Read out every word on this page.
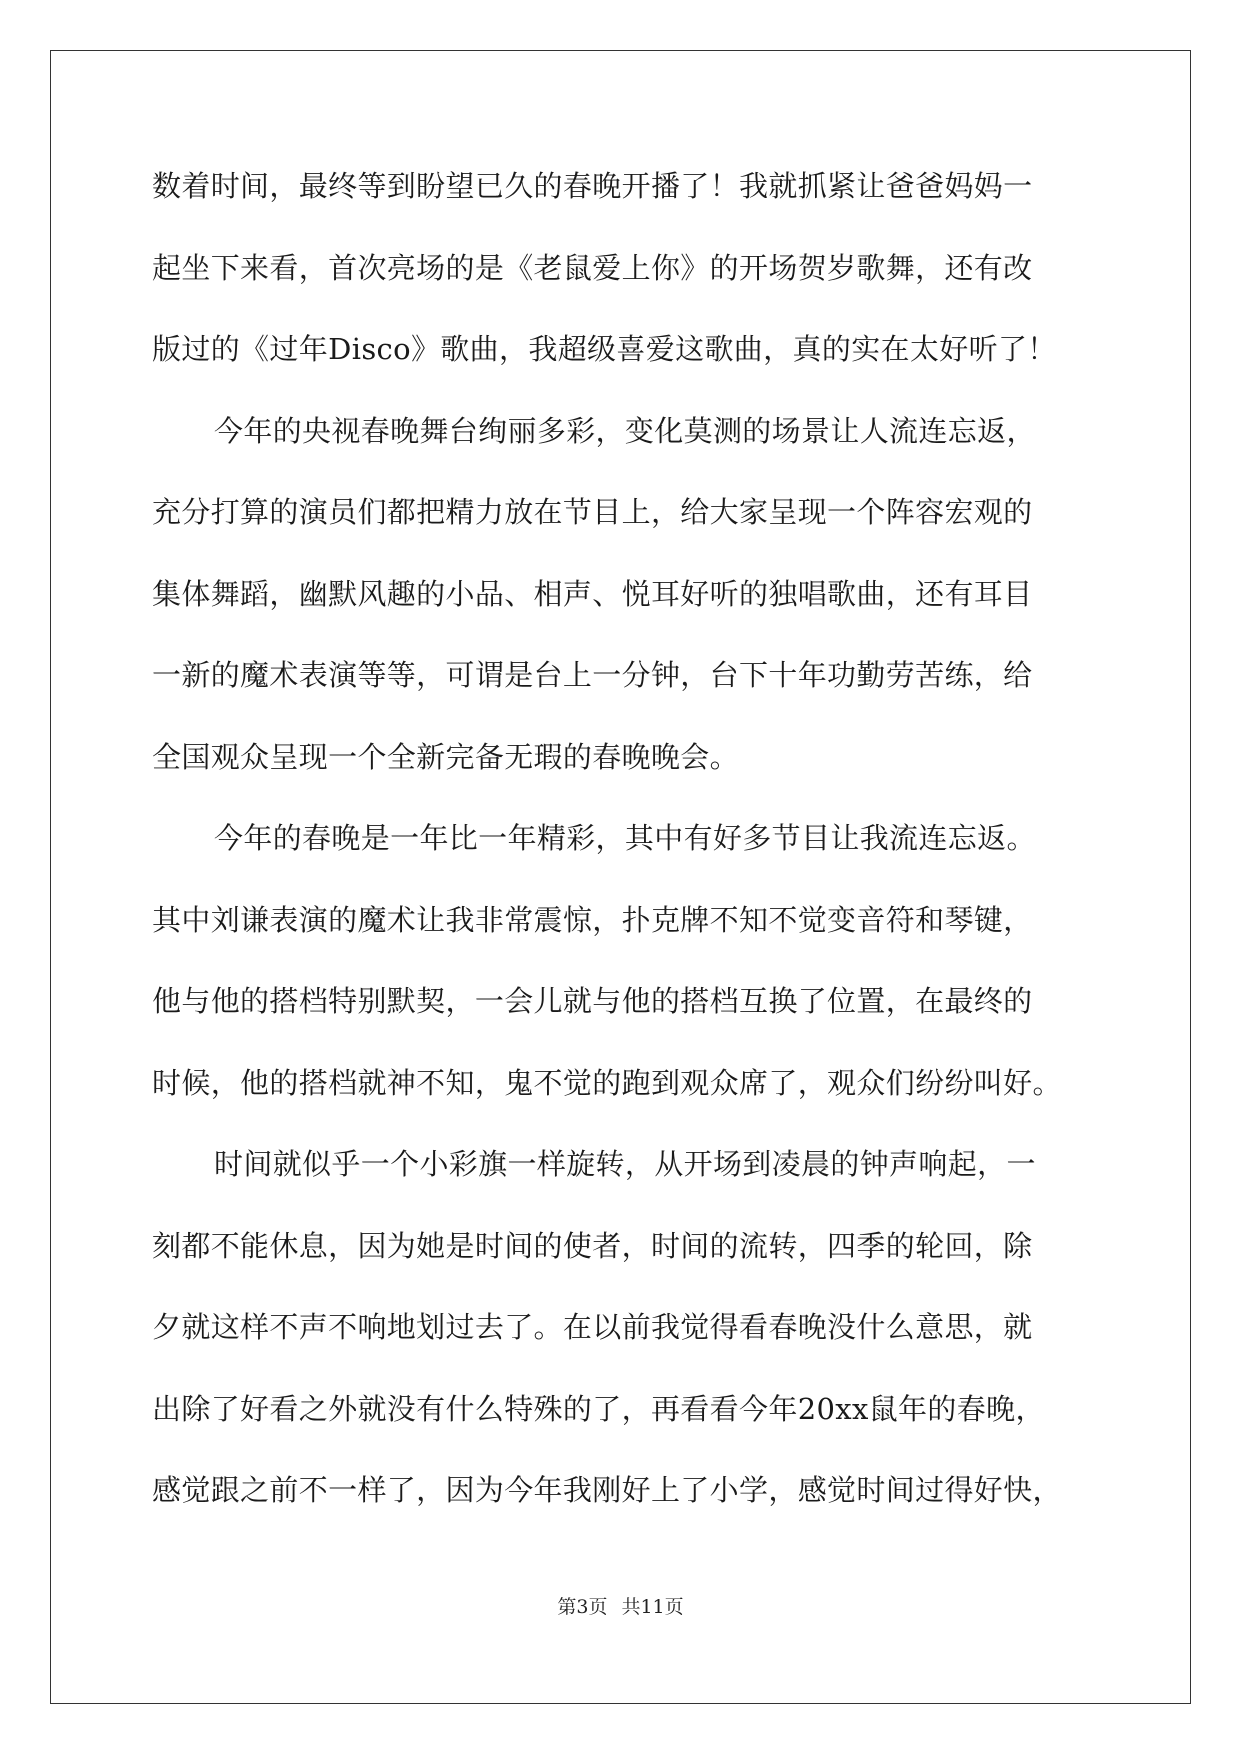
数着时间，最终等到盼望已久的春晚开播了！我就抓紧让爸爸妈妈一
起坐下来看，首次亮场的是《老鼠爱上你》的开场贺岁歌舞，还有改
版过的《过年Disco》歌曲，我超级喜爱这歌曲，真的实在太好听了！
今年的央视春晚舞台绚丽多彩，变化莫测的场景让人流连忘返，
充分打算的演员们都把精力放在节目上，给大家呈现一个阵容宏观的
集体舞蹈，幽默风趣的小品、相声、悦耳好听的独唱歌曲，还有耳目
一新的魔术表演等等，可谓是台上一分钟，台下十年功勤劳苦练，给
全国观众呈现一个全新完备无瑕的春晚晚会。
今年的春晚是一年比一年精彩，其中有好多节目让我流连忘返。
其中刘谦表演的魔术让我非常震惊，扑克牌不知不觉变音符和琴键，
他与他的搭档特别默契，一会儿就与他的搭档互换了位置，在最终的
时候，他的搭档就神不知，鬼不觉的跑到观众席了，观众们纷纷叫好。
时间就似乎一个小彩旗一样旋转，从开场到凌晨的钟声响起，一
刻都不能休息，因为她是时间的使者，时间的流转，四季的轮回，除
夕就这样不声不响地划过去了。在以前我觉得看春晚没什么意思，就
出除了好看之外就没有什么特殊的了，再看看今年20xx鼠年的春晚，
感觉跟之前不一样了，因为今年我刚好上了小学，感觉时间过得好快，
第3页 共11页
